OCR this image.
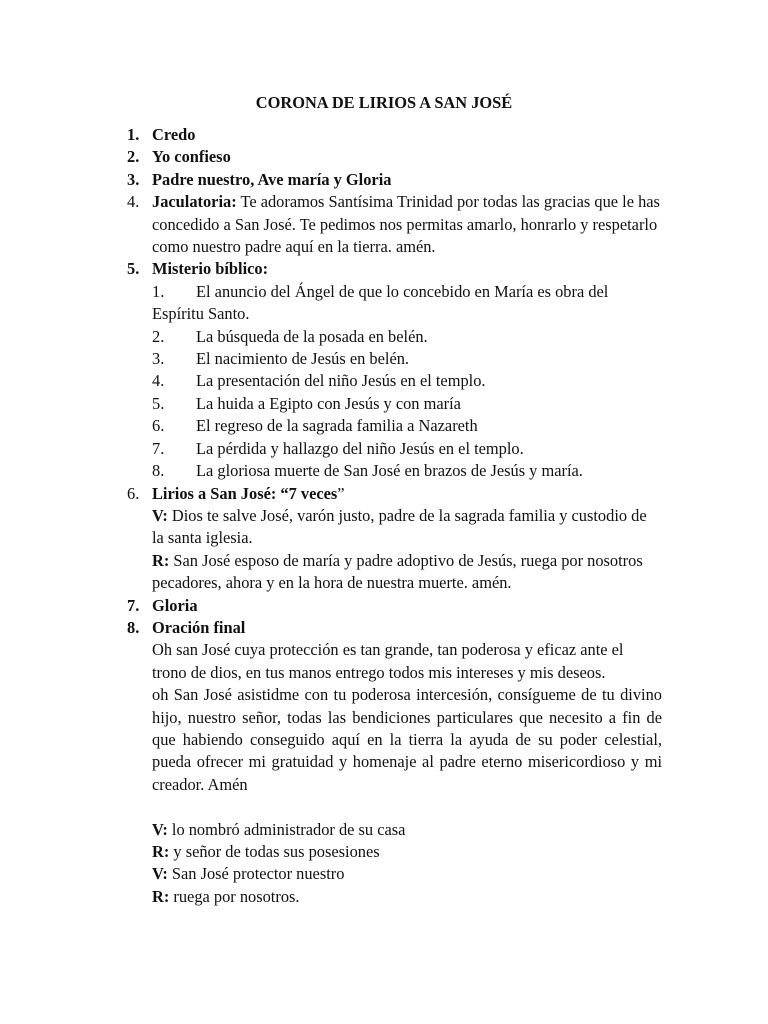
CORONA DE LIRIOS A SAN JOSÉ
1. Credo
2. Yo confieso
3. Padre nuestro, Ave maría y Gloria
4. Jaculatoria: Te adoramos Santísima Trinidad por todas las gracias que le has concedido a San José. Te pedimos nos permitas amarlo, honrarlo y respetarlo como nuestro padre aquí en la tierra. amén.
5. Misterio bíblico:
1. El anuncio del Ángel de que lo concebido en María es obra del Espíritu Santo.
2. La búsqueda de la posada en belén.
3. El nacimiento de Jesús en belén.
4. La presentación del niño Jesús en el templo.
5. La huida a Egipto con Jesús y con maría
6. El regreso de la sagrada familia a Nazareth
7. La pérdida y hallazgo del niño Jesús en el templo.
8. La gloriosa muerte de San José en brazos de Jesús y maría.
6. Lirios a San José: “7 veces”
V: Dios te salve José, varón justo, padre de la sagrada familia y custodio de la santa iglesia.
R: San José esposo de maría y padre adoptivo de Jesús, ruega por nosotros pecadores, ahora y en la hora de nuestra muerte. amén.
7. Gloria
8. Oración final
Oh san José cuya protección es tan grande, tan poderosa y eficaz ante el trono de dios, en tus manos entrego todos mis intereses y mis deseos.
oh San José asistidme con tu poderosa intercesión, consígueme de tu divino hijo, nuestro señor, todas las bendiciones particulares que necesito a fin de que habiendo conseguido aquí en la tierra la ayuda de su poder celestial, pueda ofrecer mi gratuidad y homenaje al padre eterno misericordioso y mi creador. Amén
V: lo nombró administrador de su casa
R: y señor de todas sus posesiones
V: San José protector nuestro
R: ruega por nosotros.
